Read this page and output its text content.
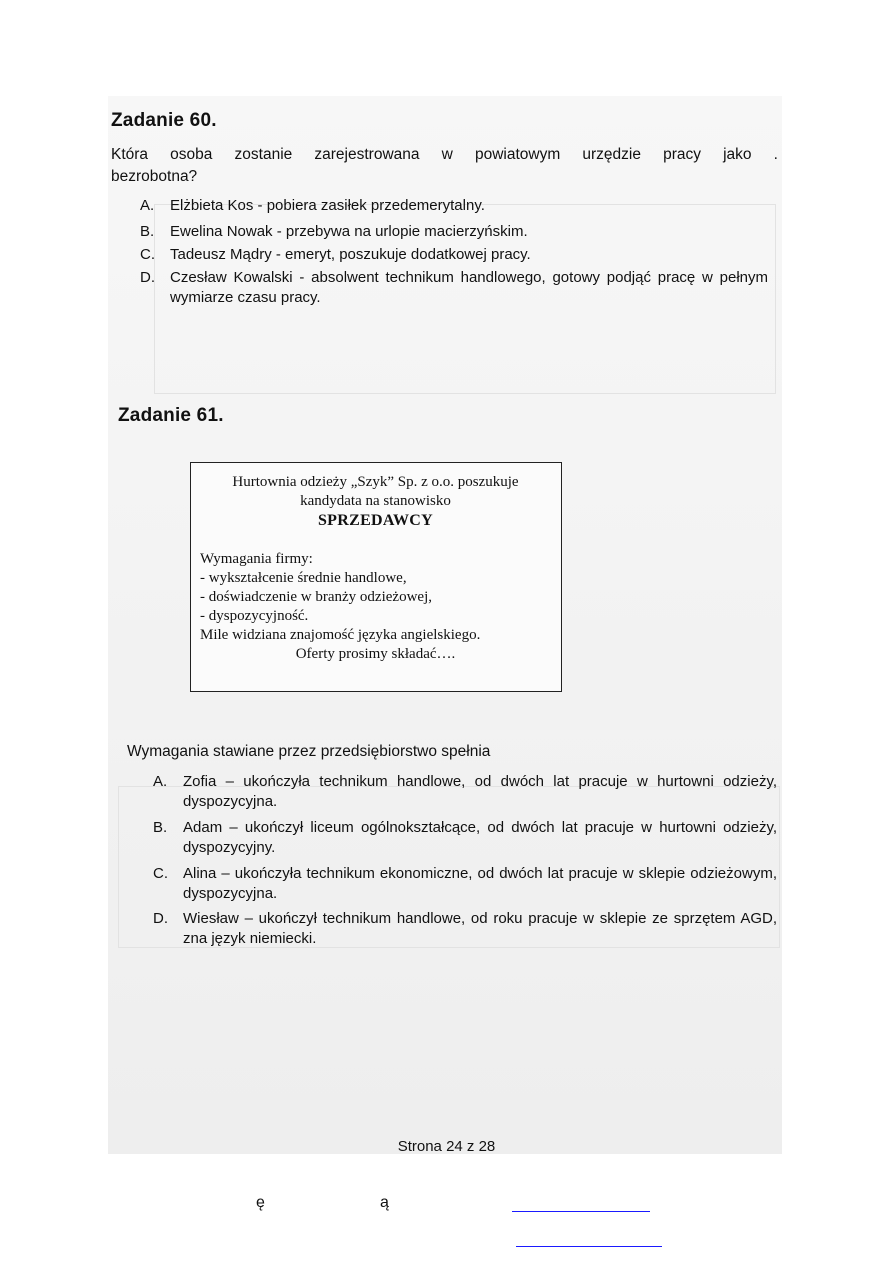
Zadanie 60.
Która osoba zostanie zarejestrowana w powiatowym urzędzie pracy jako .
bezrobotna?
A.	Elżbieta Kos - pobiera zasiłek przedemerytalny.
B.	Ewelina Nowak - przebywa na urlopie macierzyńskim.
C.	Tadeusz Mądry - emeryt, poszukuje dodatkowej pracy.
D.	Czesław Kowalski - absolwent technikum handlowego, gotowy podjąć pracę w pełnym wymiarze czasu pracy.
Zadanie 61.
Hurtownia odzieży „Szyk” Sp. z o.o. poszukuje
kandydata na stanowisko
SPRZEDAWCY
Wymagania firmy:
- wykształcenie średnie handlowe,
- doświadczenie w branży odzieżowej,
- dyspozycyjność.
Mile widziana znajomość języka angielskiego.
Oferty prosimy składać….
Wymagania stawiane przez przedsiębiorstwo spełnia
A.	Zofia – ukończyła technikum handlowe, od dwóch lat pracuje w hurtowni odzieży, dyspozycyjna.
B.	Adam – ukończył liceum ogólnokształcące, od dwóch lat pracuje w hurtowni odzieży, dyspozycyjny.
C.	Alina – ukończyła technikum ekonomiczne, od dwóch lat pracuje w sklepie odzieżowym, dyspozycyjna.
D.	Wiesław – ukończył technikum handlowe, od roku pracuje w sklepie ze sprzętem AGD, zna język niemiecki.
Strona 24 z 28
ę	ą
